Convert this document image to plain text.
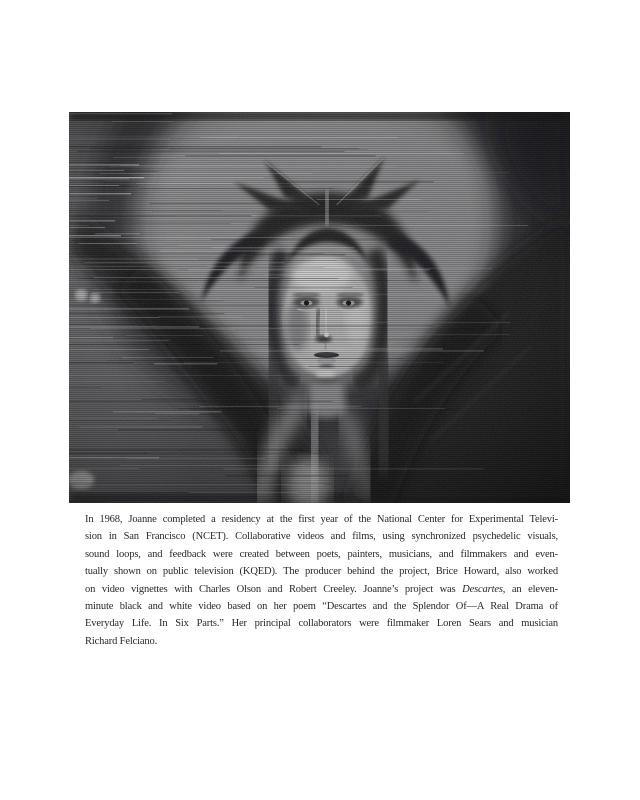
In 1968, Joanne completed a residency at the first year of the National Center for Experimental Televi-
sion in San Francisco (NCET). Collaborative videos and films, using synchronized psychedelic visuals,
sound loops, and feedback were created between poets, painters, musicians, and filmmakers and even-
tually shown on public television (KQED). The producer behind the project, Brice Howard, also worked
on video vignettes with Charles Olson and Robert Creeley. Joanne’s project was Descartes, an eleven-
minute black and white video based on her poem “Descartes and the Splendor Of—A Real Drama of
Everyday Life. In Six Parts.” Her principal collaborators were filmmaker Loren Sears and musician
Richard Felciano.
